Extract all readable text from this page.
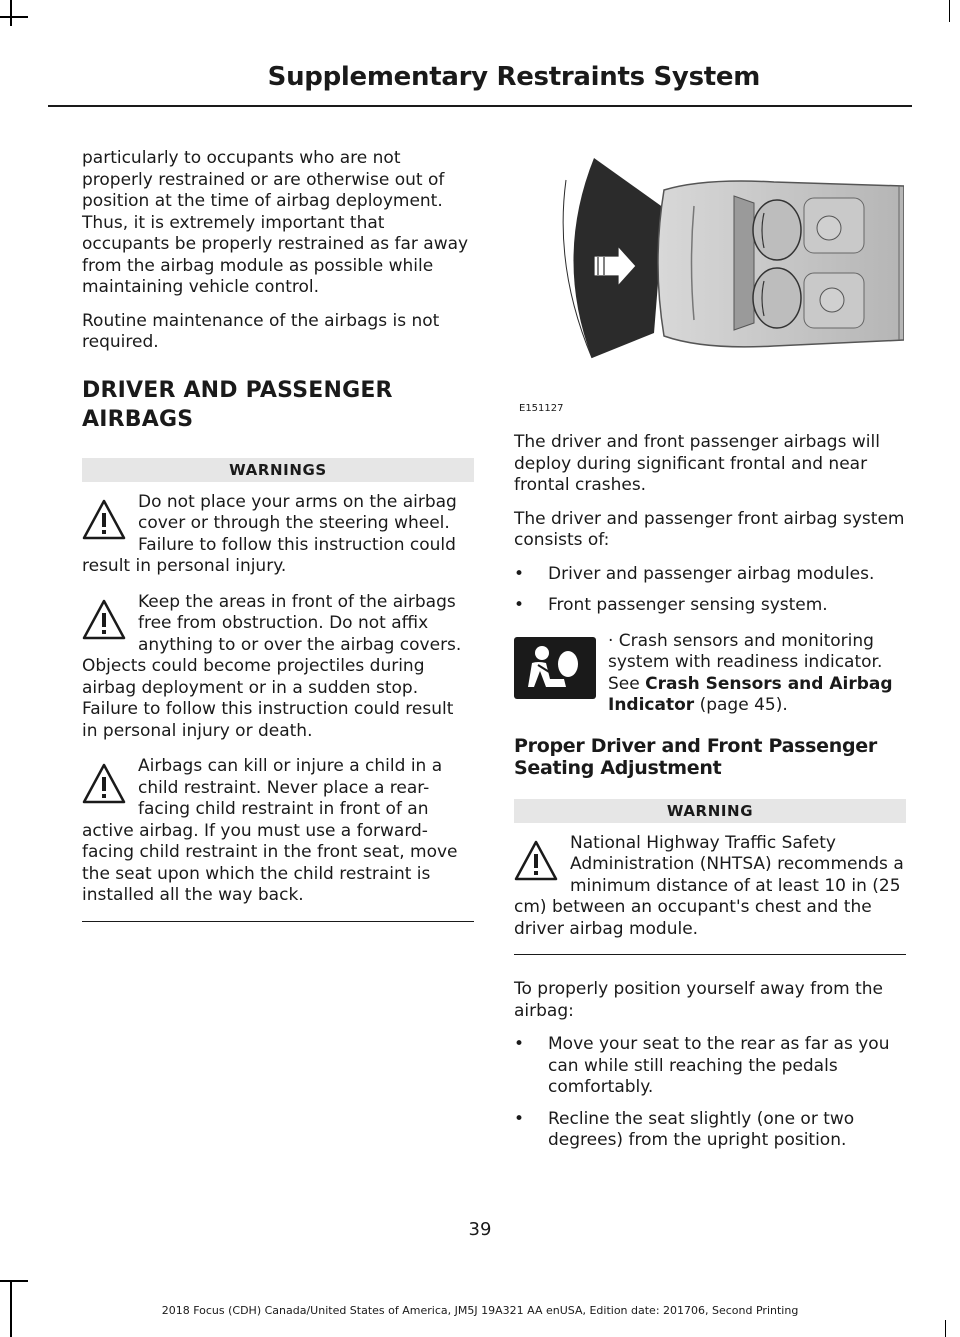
Supplementary Restraints System

particularly to occupants who are not properly restrained or are otherwise out of position at the time of airbag deployment. Thus, it is extremely important that occupants be properly restrained as far away from the airbag module as possible while maintaining vehicle control.

Routine maintenance of the airbags is not required.

DRIVER AND PASSENGER
AIRBAGS
WARNINGS
Do not place your arms on the airbag cover or through the steering wheel. Failure to follow this instruction could result in personal injury.
Keep the areas in front of the airbags free from obstruction. Do not affix anything to or over the airbag covers. Objects could become projectiles during airbag deployment or in a sudden stop. Failure to follow this instruction could result in personal injury or death.
Airbags can kill or injure a child in a child restraint. Never place a rear-facing child restraint in front of an active airbag. If you must use a forward-facing child restraint in the front seat, move the seat upon which the child restraint is installed all the way back.
E151127

The driver and front passenger airbags will deploy during significant frontal and near frontal crashes.

The driver and passenger front airbag system consists of:

•	Driver and passenger airbag modules.
•	Front passenger sensing system.
· Crash sensors and monitoring system with readiness indicator. See Crash Sensors and Airbag Indicator (page 45).
Proper Driver and Front Passenger Seating Adjustment
WARNING
National Highway Traffic Safety Administration (NHTSA) recommends a minimum distance of at least 10 in (25 cm) between an occupant's chest and the driver airbag module.

To properly position yourself away from the airbag:

•	Move your seat to the rear as far as you can while still reaching the pedals comfortably.
•	Recline the seat slightly (one or two degrees) from the upright position.
39
2018 Focus (CDH) Canada/United States of America, JM5J 19A321 AA enUSA, Edition date: 201706, Second Printing
